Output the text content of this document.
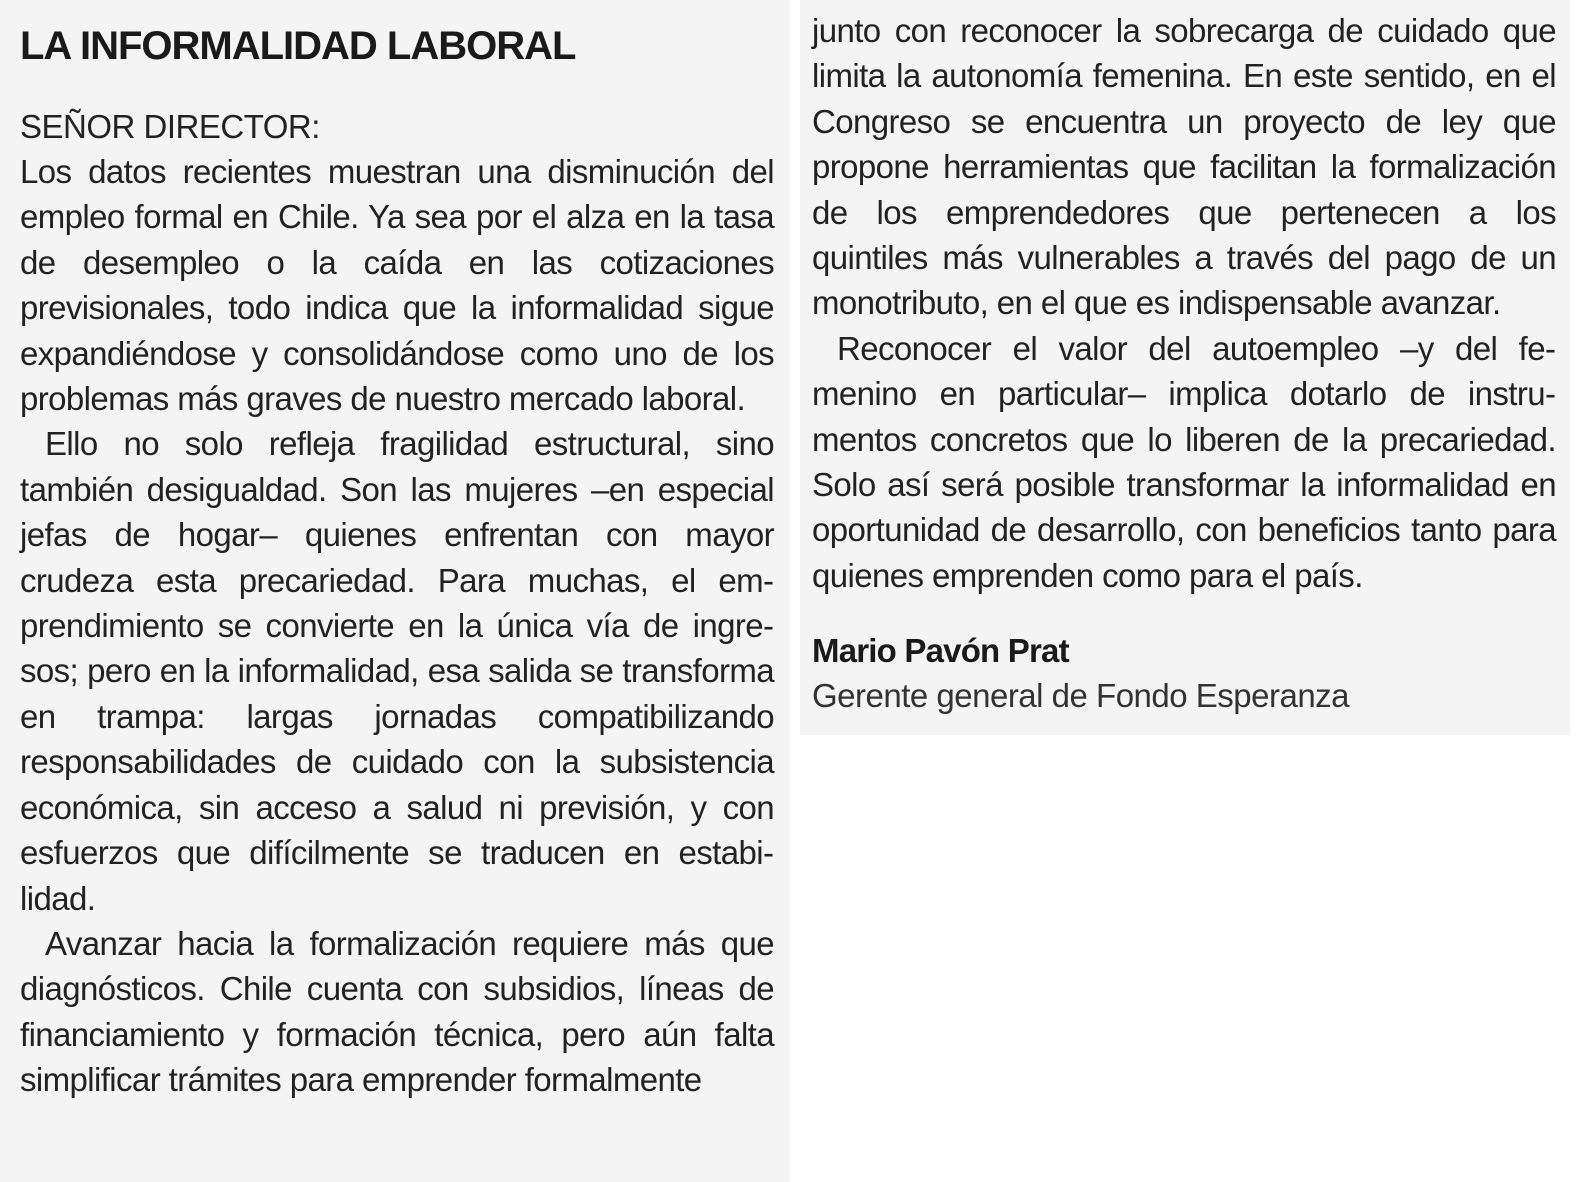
LA INFORMALIDAD LABORAL

SEÑOR DIRECTOR:

Los datos recientes muestran una disminución del empleo formal en Chile. Ya sea por el alza en la tasa de desempleo o la caída en las cotizaciones previsionales, todo indica que la informalidad sigue expandiéndose y consolidándose como uno de los problemas más graves de nuestro mercado laboral.

Ello no solo refleja fragilidad estructural, sino también desigualdad. Son las mujeres –en especial jefas de hogar– quienes enfrentan con mayor crudeza esta precariedad. Para muchas, el emprendimiento se convierte en la única vía de ingresos; pero en la informalidad, esa salida se transforma en trampa: largas jornadas compatibilizando responsabilidades de cuidado con la subsistencia económica, sin acceso a salud ni previsión, y con esfuerzos que difícilmente se traducen en estabilidad.

Avanzar hacia la formalización requiere más que diagnósticos. Chile cuenta con subsidios, líneas de financiamiento y formación técnica, pero aún falta simplificar trámites para emprender formalmente

junto con reconocer la sobrecarga de cuidado que limita la autonomía femenina. En este sentido, en el Congreso se encuentra un proyecto de ley que propone herramientas que facilitan la formalización de los emprendedores que pertenecen a los quintiles más vulnerables a través del pago de un monotributo, en el que es indispensable avanzar.

Reconocer el valor del autoempleo –y del femenino en particular– implica dotarlo de instrumentos concretos que lo liberen de la precariedad. Solo así será posible transformar la informalidad en oportunidad de desarrollo, con beneficios tanto para quienes emprenden como para el país.

Mario Pavón Prat

Gerente general de Fondo Esperanza
